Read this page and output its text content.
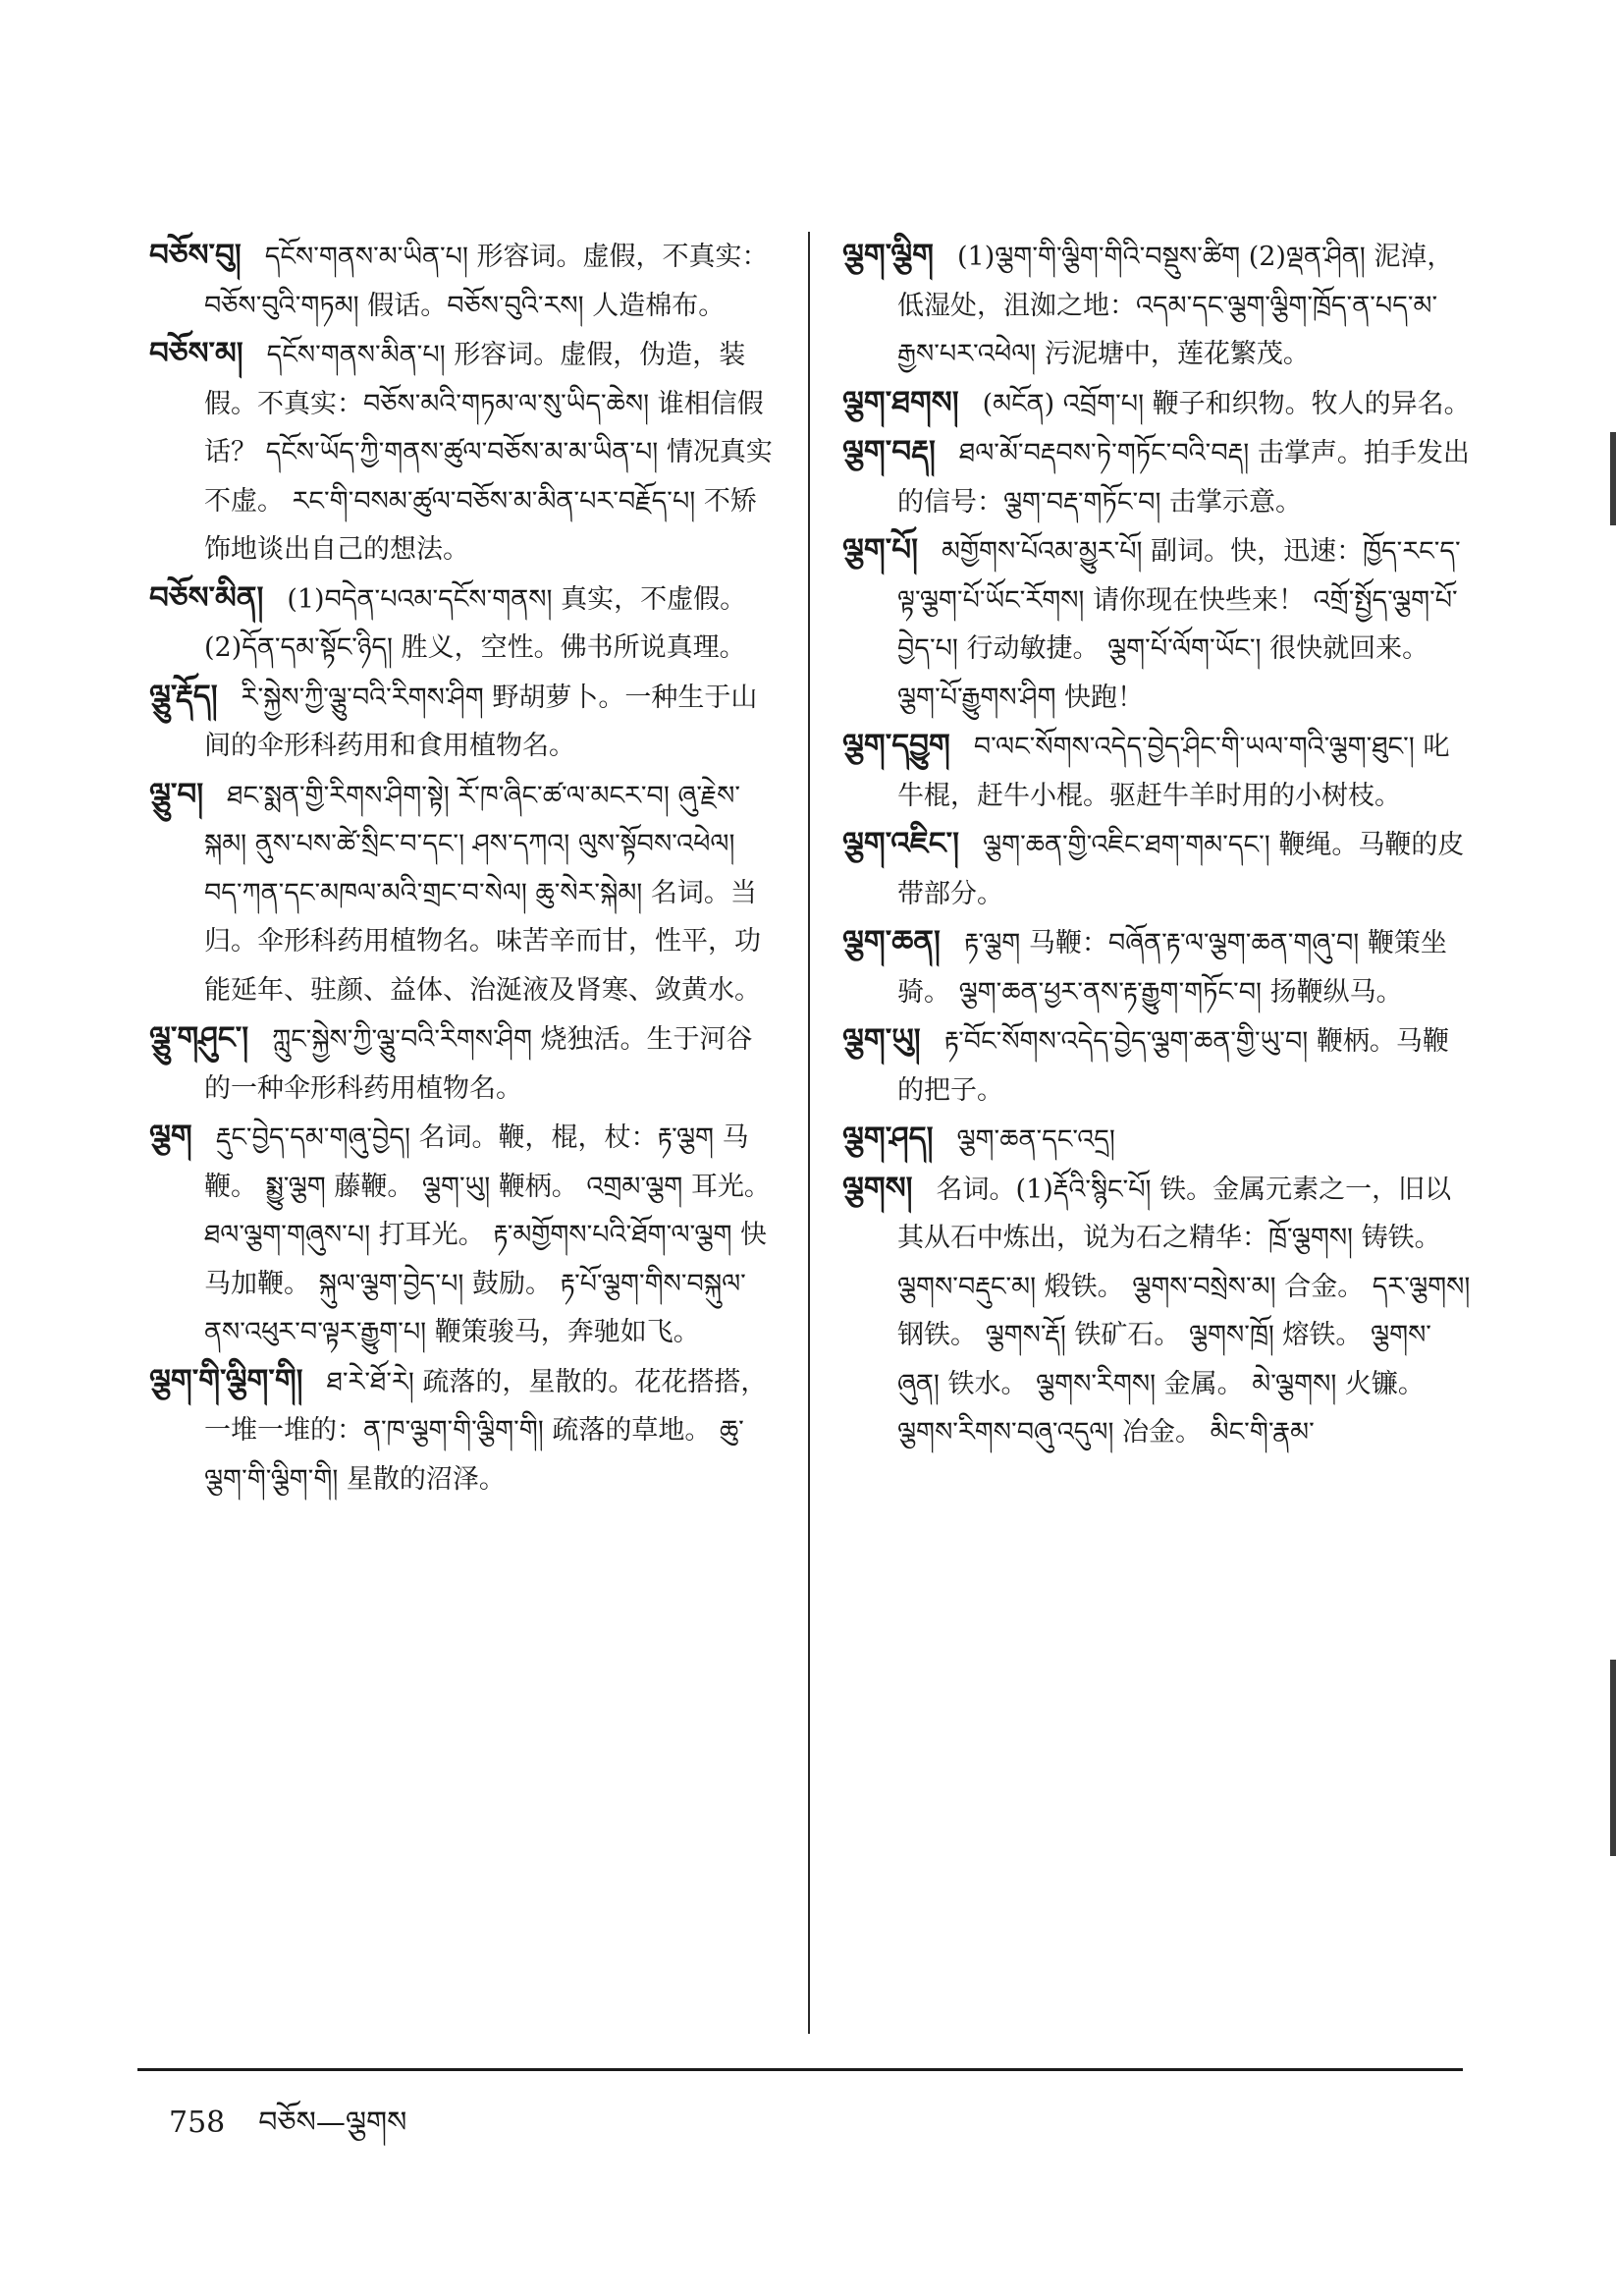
བཅོས་བུ། དངོས་གནས་མ་ཡིན་པ། 形容词。虚假，不真实：བཅོས་བུའི་གཏམ། 假话。བཅོས་བུའི་རས། 人造棉布。
བཅོས་མ། དངོས་གནས་མིན་པ། 形容词。虚假，伪造，装假。不真实：བཅོས་མའི་གཏམ་ལ་སུ་ཡིད་ཆེས། 谁相信假话？ དངོས་ཡོད་ཀྱི་གནས་ཚུལ་བཅོས་མ་མ་ཡིན་པ། 情况真实不虚。 རང་གི་བསམ་ཚུལ་བཅོས་མ་མིན་པར་བརྗོད་པ། 不矫饰地谈出自己的想法。
བཅོས་མིན། (1)བདེན་པའམ་དངོས་གནས། 真实，不虚假。(2)དོན་དམ་སྟོང་ཉིད། 胜义，空性。佛书所说真理。
ལྕུ་རྡོད། རི་སྐྱེས་ཀྱི་ལྕུ་བའི་རིགས་ཤིག 野胡萝卜。一种生于山间的伞形科药用和食用植物名。
ལྕུ་བ། ཐང་སྨན་གྱི་རིགས་ཤིག་སྟེ། རོ་ཁ་ཞིང་ཚ་ལ་མངར་བ། ཞུ་རྗེས་སྐམ། ནུས་པས་ཚེ་སྲིང་བ་དང་། ཤས་དཀའ། ལུས་སྟོབས་འཕེལ། བད་ཀན་དང་མཁལ་མའི་གྲང་བ་སེལ། ཆུ་སེར་སྐེམ། 名词。当归。伞形科药用植物名。味苦辛而甘，性平，功能延年、驻颜、益体、治涎液及肾寒、敛黄水。
ལྕུ་གཤུང་། ཀླུང་སྐྱེས་ཀྱི་ལྕུ་བའི་རིགས་ཤིག 烧独活。生于河谷的一种伞形科药用植物名。
ལྕག རྡུང་བྱེད་དམ་གཞུ་བྱེད། 名词。鞭，棍，杖：རྟ་ལྕག 马鞭。 སྨྱུ་ལྕག 藤鞭。 ལྕག་ཡུ། 鞭柄。 འགྲམ་ལྕག 耳光。 ཐལ་ལྕག་གཞུས་པ། 打耳光。 རྟ་མགྱོགས་པའི་ཐོག་ལ་ལྕག 快马加鞭。 སྐུལ་ལྕག་བྱེད་པ། 鼓励。 རྟ་པོ་ལྕག་གིས་བསྐུལ་ནས་འཕུར་བ་ལྟར་རྒྱུག་པ། 鞭策骏马，奔驰如飞。
ལྕག་གི་ལྕིག་གི། ཐ་རེ་ཐོ་རེ། 疏落的，星散的。花花搭搭，一堆一堆的：ན་ཁ་ལྕག་གི་ལྕིག་གི། 疏落的草地。 ཆུ་ལྕག་གི་ལྕིག་གི། 星散的沼泽。
ལྕག་ལྕིག (1)ལྕག་གི་ལྕིག་གིའི་བསྡུས་ཚིག (2)ལྡན་ཤིན། 泥淖，低湿处，沮洳之地：འདམ་དང་ལྕག་ལྕིག་ཁྲོད་ན་པད་མ་རྒྱས་པར་འཕེལ། 污泥塘中，莲花繁茂。
ལྕག་ཐགས། (མངོན) འབྲོག་པ། 鞭子和织物。牧人的异名。
ལྕག་བརྡ། ཐལ་མོ་བརྡབས་ཏེ་གཏོང་བའི་བརྡ། 击掌声。拍手发出的信号：ལྕག་བརྡ་གཏོང་བ། 击掌示意。
ལྕག་པོ། མགྱོགས་པོའམ་མྱུར་པོ། 副词。快，迅速：ཁྱོད་རང་ད་ལྟ་ལྕག་པོ་ཡོང་རོགས། 请你现在快些来！ འགྲོ་སྤྱོད་ལྕག་པོ་བྱེད་པ། 行动敏捷。 ལྕག་པོ་ལོག་ཡོང་། 很快就回来。 ལྕག་པོ་རྒྱུགས་ཤིག 快跑！
ལྕག་དབྱུག བ་ལང་སོགས་འདེད་བྱེད་ཤིང་གི་ཡལ་གའི་ལྕག་ཐུང་། 叱牛棍，赶牛小棍。驱赶牛羊时用的小树枝。
ལྕག་འཇིང་། ལྕག་ཆན་གྱི་འཇིང་ཐག་གམ་དང་། 鞭绳。马鞭的皮带部分。
ལྕག་ཆན། རྟ་ལྕག 马鞭：བཞོན་རྟ་ལ་ལྕག་ཆན་གཞུ་བ། 鞭策坐骑。 ལྕག་ཆན་ཕྱར་ནས་རྟ་རྒྱུག་གཏོང་བ། 扬鞭纵马。
ལྕག་ཡུ། རྟ་བོང་སོགས་འདེད་བྱེད་ལྕག་ཆན་གྱི་ཡུ་བ། 鞭柄。马鞭的把子。
ལྕག་ཤད། ལྕག་ཆན་དང་འདྲ།
ལྕགས། 名词。(1)རྡོའི་སྙིང་པོ། 铁。金属元素之一，旧以其从石中炼出，说为石之精华：ཁྲོ་ལྕགས། 铸铁。 ལྕགས་བརྡུང་མ། 煅铁。 ལྕགས་བསྲེས་མ། 合金。 དར་ལྕགས། 钢铁。 ལྕགས་རྡོ། 铁矿石。 ལྕགས་ཁྲོ། 熔铁。 ལྕགས་ཞུན། 铁水。 ལྕགས་རིགས། 金属。 མེ་ལྕགས། 火镰。 ལྕགས་རིགས་བཞུ་འདུལ། 冶金。 མིང་གི་རྣམ་
758 བཅོས—ལྕགས
